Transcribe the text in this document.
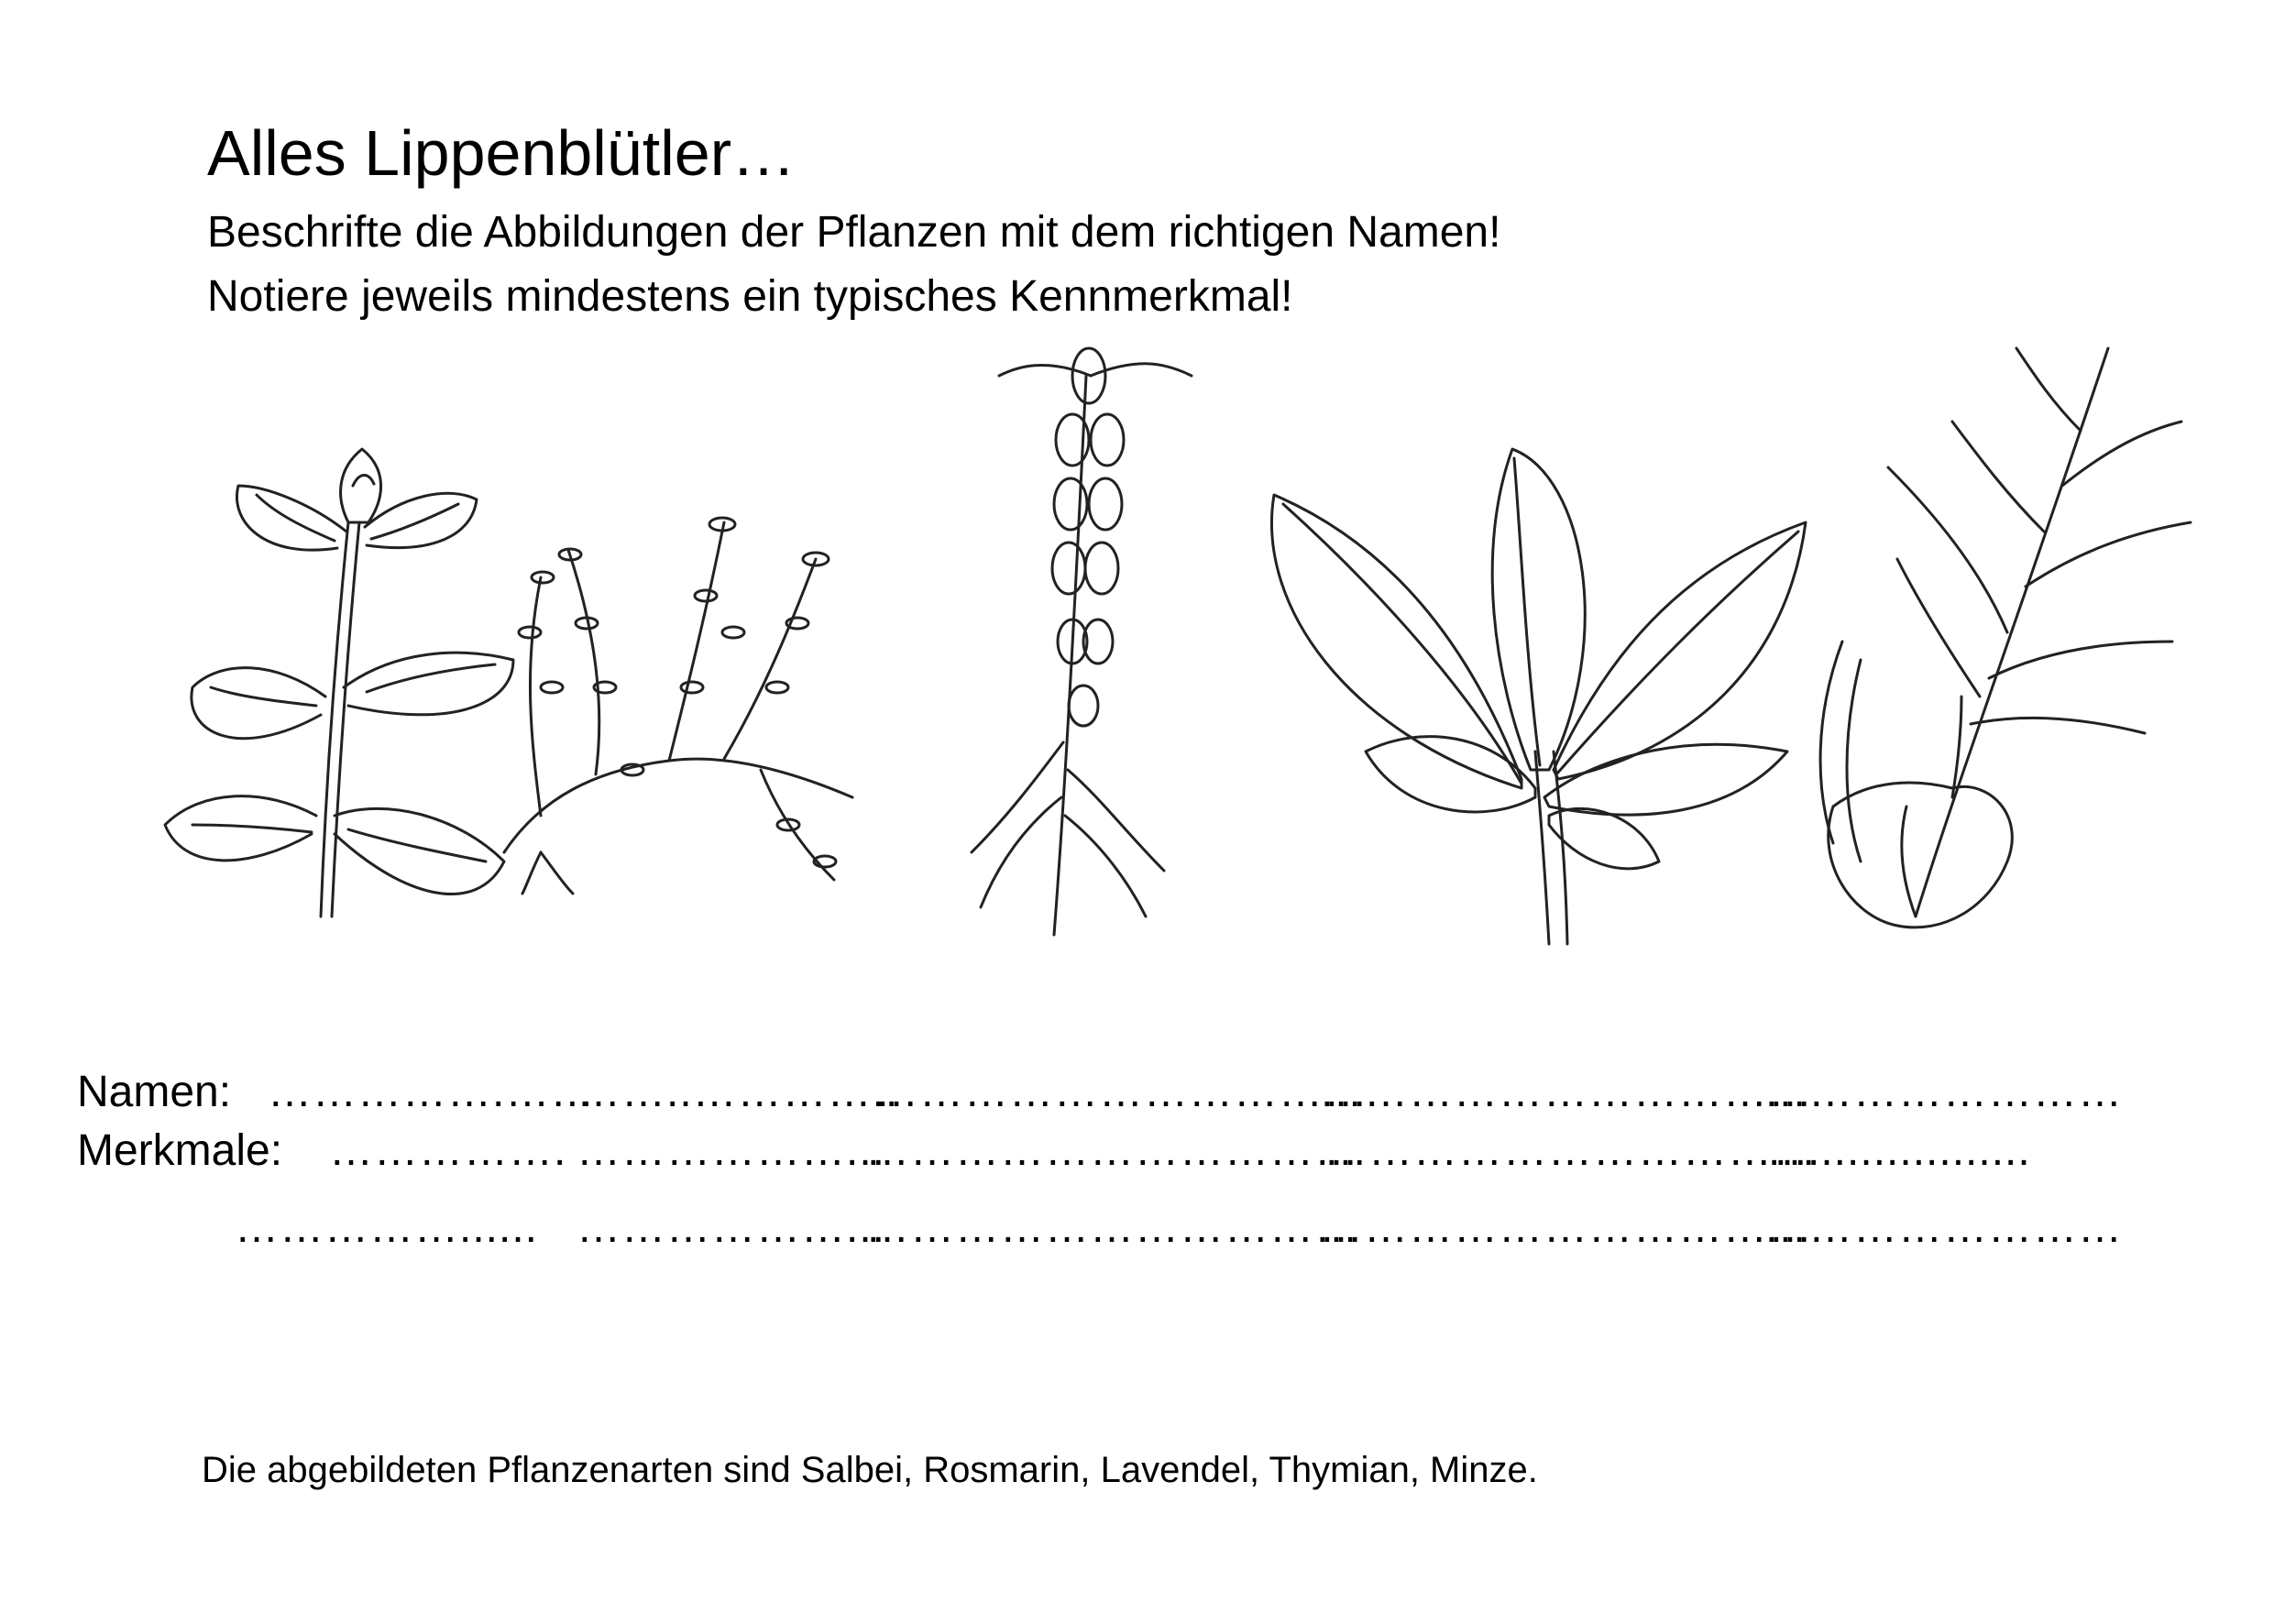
Alles Lippenblütler…
Beschrifte die Abbildungen der Pflanzen mit dem richtigen Namen!
Notiere jeweils mindestens ein typisches Kennmerkmal!
Namen: …………….……
……..…………..
……………………………
……………………………
……………………
Merkmale: ……………. ………………...
……………………………
……………………………
....................
……………...... ………………...
……………………………
……………………………
……………………
Die abgebildeten Pflanzenarten sind Salbei, Rosmarin, Lavendel, Thymian, Minze.
